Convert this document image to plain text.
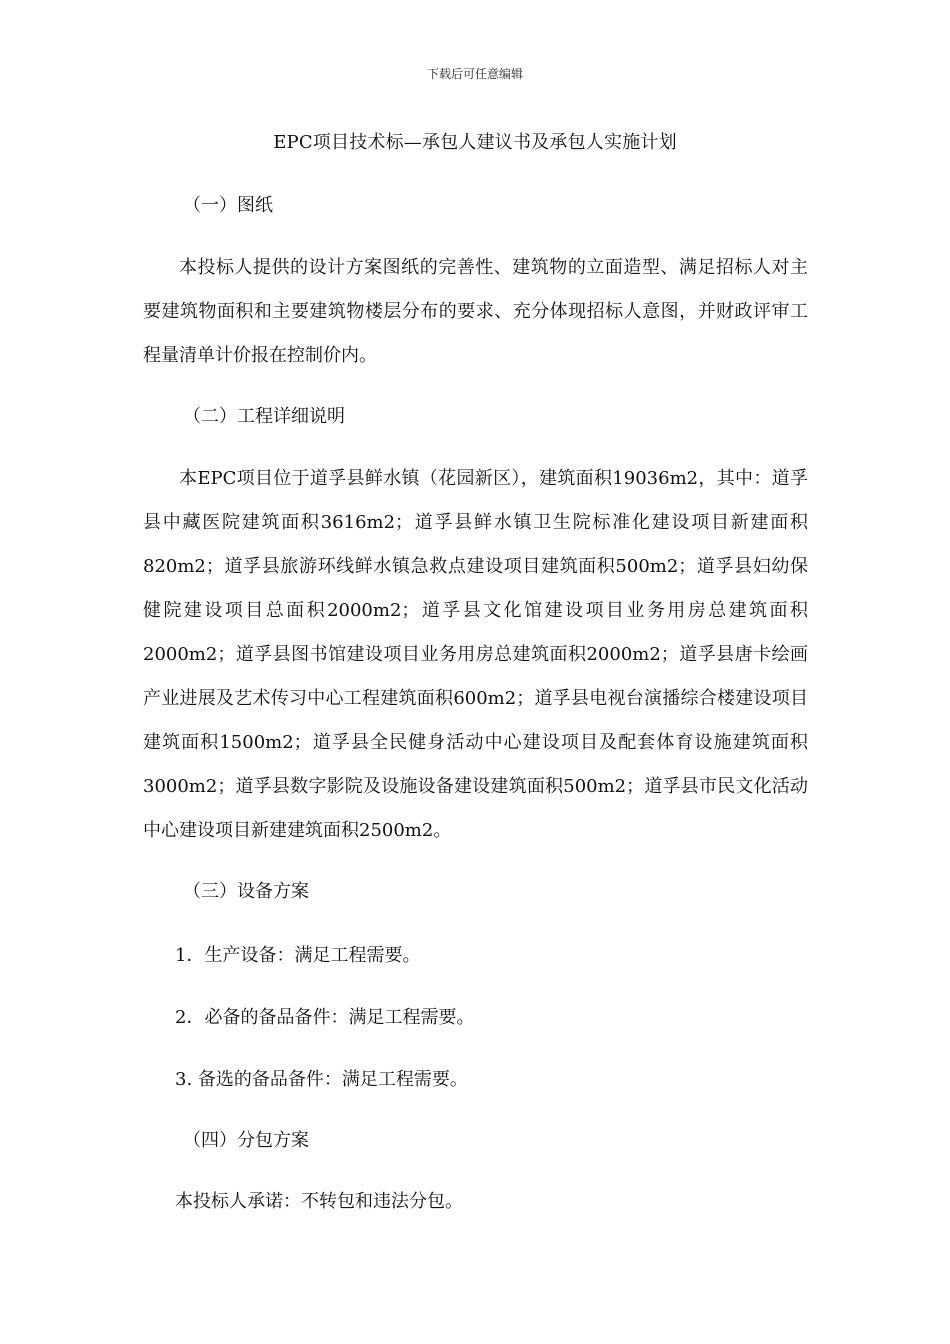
下载后可任意编辑
EPC项目技术标—承包人建议书及承包人实施计划
（一）图纸

本投标人提供的设计方案图纸的完善性、建筑物的立面造型、满足招标人对主要建筑物面积和主要建筑物楼层分布的要求、充分体现招标人意图，并财政评审工程量清单计价报在控制价内。

（二）工程详细说明

本EPC项目位于道孚县鲜水镇（花园新区），建筑面积19036m2，其中：道孚县中藏医院建筑面积3616m2；道孚县鲜水镇卫生院标准化建设项目新建面积820m2；道孚县旅游环线鲜水镇急救点建设项目建筑面积500m2；道孚县妇幼保健院建设项目总面积2000m2；道孚县文化馆建设项目业务用房总建筑面积2000m2；道孚县图书馆建设项目业务用房总建筑面积2000m2；道孚县唐卡绘画产业进展及艺术传习中心工程建筑面积600m2；道孚县电视台演播综合楼建设项目建筑面积1500m2；道孚县全民健身活动中心建设项目及配套体育设施建筑面积3000m2；道孚县数字影院及设施设备建设建筑面积500m2；道孚县市民文化活动中心建设项目新建建筑面积2500m2。

（三）设备方案
1．生产设备：满足工程需要。
2．必备的备品备件：满足工程需要。
3. 备选的备品备件：满足工程需要。
（四）分包方案
本投标人承诺：不转包和违法分包。
